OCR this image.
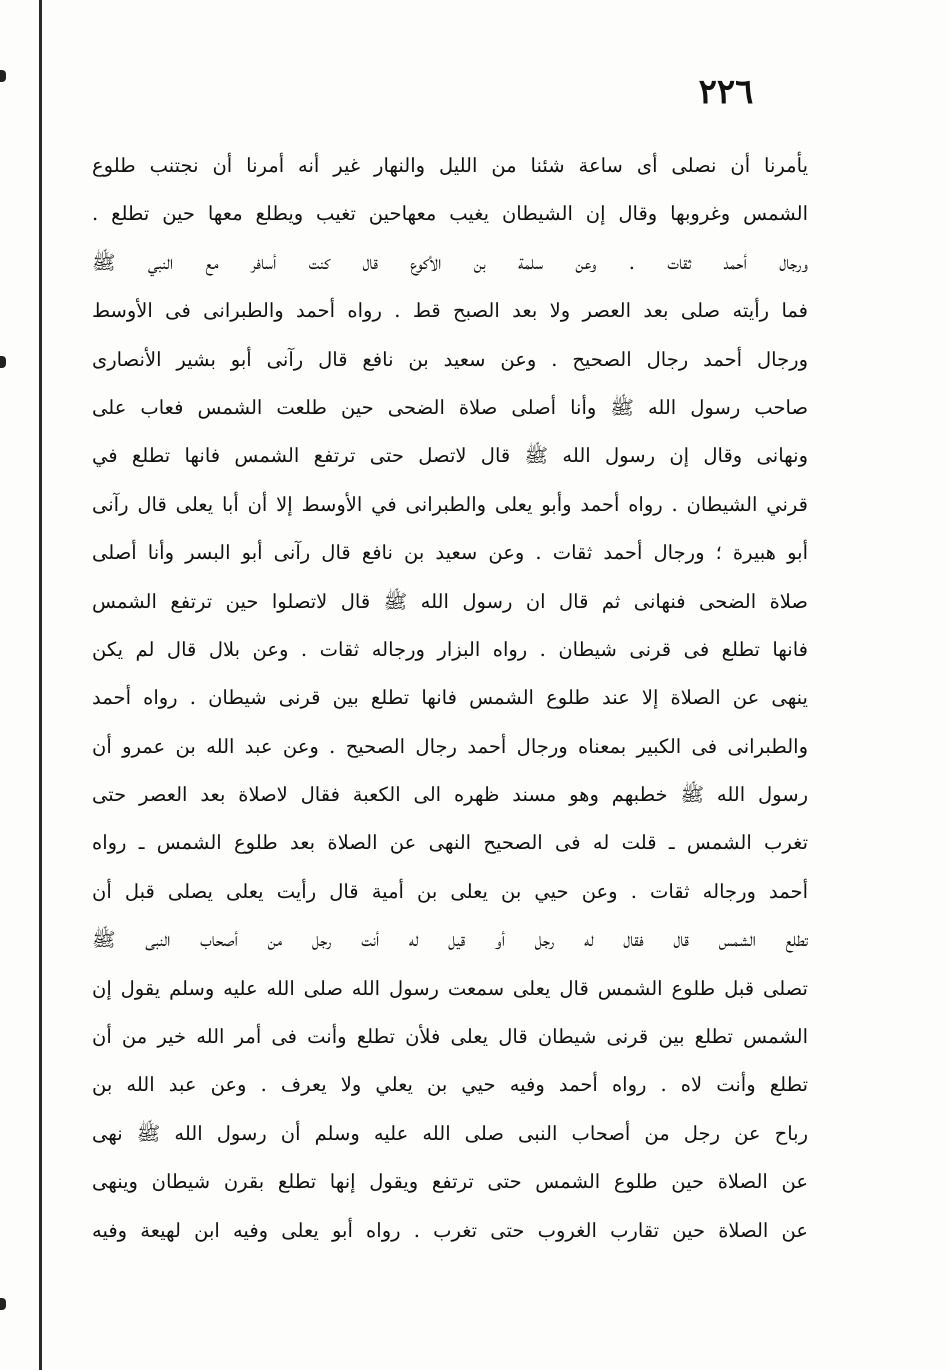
٢٢٦
يأمرنا أن نصلى أى ساعة شئنا من الليل والنهار غير أنه أمرنا أن نجتنب طلوع
الشمس وغروبها وقال إن الشيطان يغيب معهاحين تغيب ويطلع معها حين تطلع .
ورجال أحمد ثقات . وعن سلمة بن الأكوع قال كنت أسافر مع النبي ﷺ
فما رأيته صلى بعد العصر ولا بعد الصبح قط . رواه أحمد والطبرانى فى الأوسط
ورجال أحمد رجال الصحيح . وعن سعيد بن نافع قال رآنى أبو بشير الأنصارى
صاحب رسول الله ﷺ وأنا أصلى صلاة الضحى حين طلعت الشمس فعاب على
ونهانى وقال إن رسول الله ﷺ قال لاتصل حتى ترتفع الشمس فانها تطلع في
قرني الشيطان . رواه أحمد وأبو يعلى والطبرانى في الأوسط إلا أن أبا يعلى قال رآنى
أبو هبيرة ؛ ورجال أحمد ثقات . وعن سعيد بن نافع قال رآنى أبو البسر وأنا أصلى
صلاة الضحى فنهانى ثم قال ان رسول الله ﷺ قال لاتصلوا حين ترتفع الشمس
فانها تطلع فى قرنى شيطان . رواه البزار ورجاله ثقات . وعن بلال قال لم يكن
ينهى عن الصلاة إلا عند طلوع الشمس فانها تطلع بين قرنى شيطان . رواه أحمد
والطبرانى فى الكبير بمعناه ورجال أحمد رجال الصحيح . وعن عبد الله بن عمرو أن
رسول الله ﷺ خطبهم وهو مسند ظهره الى الكعبة فقال لاصلاة بعد العصر حتى
تغرب الشمس ـ قلت له فى الصحيح النهى عن الصلاة بعد طلوع الشمس ـ رواه
أحمد ورجاله ثقات . وعن حيي بن يعلى بن أمية قال رأيت يعلى يصلى قبل أن
تطلع الشمس قال فقال له رجل أو قيل له أنت رجل من أصحاب النبى ﷺ
تصلى قبل طلوع الشمس قال يعلى سمعت رسول الله صلى الله عليه وسلم يقول إن
الشمس تطلع بين قرنى شيطان قال يعلى فلأن تطلع وأنت فى أمر الله خير من أن
تطلع وأنت لاه . رواه أحمد وفيه حيي بن يعلي ولا يعرف . وعن عبد الله بن
رباح عن رجل من أصحاب النبى صلى الله عليه وسلم أن رسول الله ﷺ نهى
عن الصلاة حين طلوع الشمس حتى ترتفع ويقول إنها تطلع بقرن شيطان وينهى
عن الصلاة حين تقارب الغروب حتى تغرب . رواه أبو يعلى وفيه ابن لهيعة وفيه
